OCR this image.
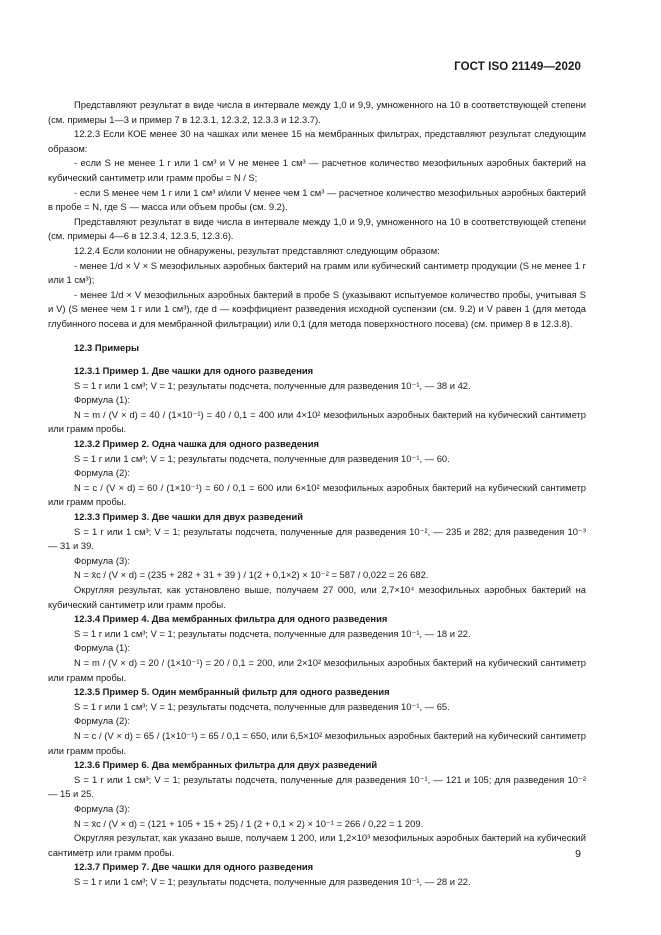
ГОСТ ISO 21149—2020

Представляют результат в виде числа в интервале между 1,0 и 9,9, умноженного на 10 в соответствующей степени (см. примеры 1—3 и пример 7 в 12.3.1, 12.3.2, 12.3.3 и 12.3.7).

12.2.3 Если КОЕ менее 30 на чашках или менее 15 на мембранных фильтрах, представляют результат следующим образом:

- если S не менее 1 г или 1 см³ и V не менее 1 см³ — расчетное количество мезофильных аэробных бактерий на кубический сантиметр или грамм пробы = N / S;

- если S менее чем 1 г или 1 см³ и/или V менее чем 1 см³ — расчетное количество мезофильных аэробных бактерий в пробе = N, где S — масса или объем пробы (см. 9.2).

Представляют результат в виде числа в интервале между 1,0 и 9,9, умноженного на 10 в соответствующей степени (см. примеры 4—6 в 12.3.4, 12.3.5, 12.3.6).

12.2.4 Если колонии не обнаружены, результат представляют следующим образом:

- менее 1/d × V × S мезофильных аэробных бактерий на грамм или кубический сантиметр продукции (S не менее 1 г или 1 см³);

- менее 1/d × V мезофильных аэробных бактерий в пробе S (указывают испытуемое количество пробы, учитывая S и V) (S менее чем 1 г или 1 см³), где d — коэффициент разведения исходной суспензии (см. 9.2) и V равен 1 (для метода глубинного посева и для мембранной фильтрации) или 0,1 (для метода поверхностного посева) (см. пример 8 в 12.3.8).

12.3 Примеры

12.3.1 Пример 1. Две чашки для одного разведения

S = 1 г или 1 см³; V = 1; результаты подсчета, полученные для разведения 10⁻¹, — 38 и 42.

Формула (1):

N = m / (V × d) = 40 / (1×10⁻¹) = 40 / 0,1 = 400 или 4×10² мезофильных аэробных бактерий на кубический сантиметр или грамм пробы.

12.3.2 Пример 2. Одна чашка для одного разведения

S = 1 г или 1 см³; V = 1; результаты подсчета, полученные для разведения 10⁻¹, — 60.

Формула (2):

N = c / (V × d) = 60 / (1×10⁻¹) = 60 / 0,1 = 600 или 6×10² мезофильных аэробных бактерий на кубический сантиметр или грамм пробы.

12.3.3 Пример 3. Две чашки для двух разведений

S = 1 г или 1 см³; V = 1; результаты подсчета, полученные для разведения 10⁻², — 235 и 282; для разведения 10⁻³ — 31 и 39.

Формула (3):

N = x̄c / (V × d) = (235 + 282 + 31 + 39 ) / 1(2 + 0,1×2) × 10⁻² = 587 / 0,022 = 26 682.

Округляя результат, как установлено выше, получаем 27 000, или 2,7×10⁴ мезофильных аэробных бактерий на кубический сантиметр или грамм пробы.

12.3.4 Пример 4. Два мембранных фильтра для одного разведения

S = 1 г или 1 см³; V = 1; результаты подсчета, полученные для разведения 10⁻¹, — 18 и 22.

Формула (1):

N = m / (V × d) = 20 / (1×10⁻¹) = 20 / 0,1 = 200, или 2×10² мезофильных аэробных бактерий на кубический сантиметр или грамм пробы.

12.3.5 Пример 5. Один мембранный фильтр для одного разведения

S = 1 г или 1 см³; V = 1; результаты подсчета, полученные для разведения 10⁻¹, — 65.

Формула (2):

N = c / (V × d) = 65 / (1×10⁻¹) = 65 / 0,1 = 650, или 6,5×10² мезофильных аэробных бактерий на кубический сантиметр или грамм пробы.

12.3.6 Пример 6. Два мембранных фильтра для двух разведений

S = 1 г или 1 см³; V = 1; результаты подсчета, полученные для разведения 10⁻¹, — 121 и 105; для разведения 10⁻² — 15 и 25.

Формула (3):

N = x̄c / (V × d) = (121 + 105 + 15 + 25) / 1 (2 + 0,1 × 2) × 10⁻¹ = 266 / 0,22 = 1 209.

Округляя результат, как указано выше, получаем 1 200, или 1,2×10³ мезофильных аэробных бактерий на кубический сантиметр или грамм пробы.

12.3.7 Пример 7. Две чашки для одного разведения

S = 1 г или 1 см³; V = 1; результаты подсчета, полученные для разведения 10⁻¹, — 28 и 22.

9
